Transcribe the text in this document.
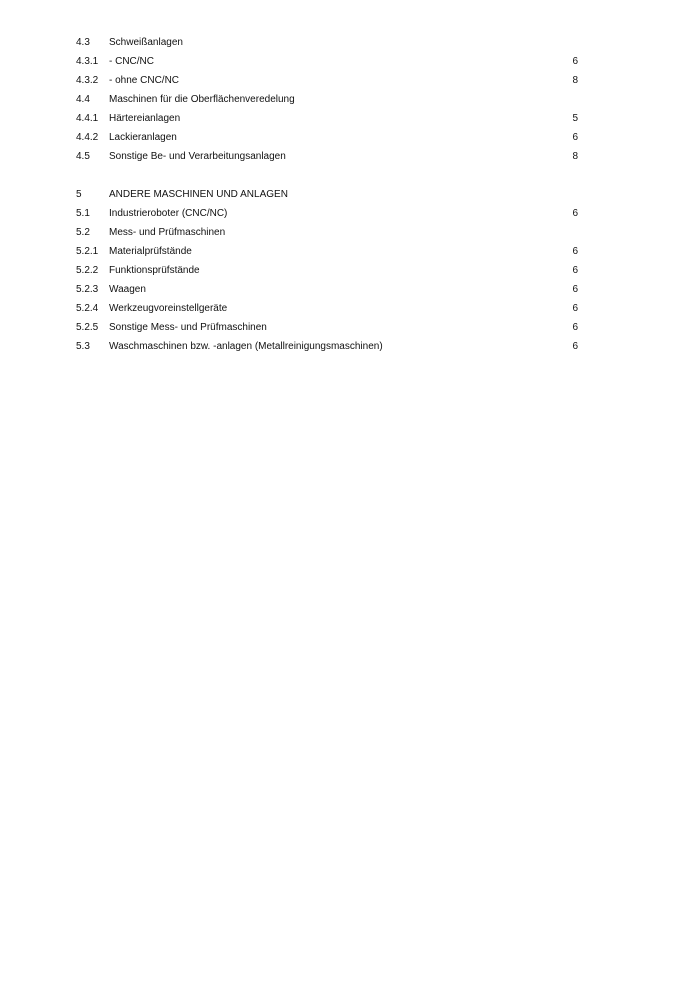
4.3 Schweißanlagen
4.3.1 - CNC/NC	6
4.3.2 - ohne CNC/NC	8
4.4 Maschinen für die Oberflächenveredelung
4.4.1 Härtereianlagen	5
4.4.2 Lackieranlagen	6
4.5 Sonstige Be- und Verarbeitungsanlagen	8
5	ANDERE MASCHINEN UND ANLAGEN
5.1 Industrieroboter (CNC/NC)	6
5.2 Mess- und Prüfmaschinen
5.2.1 Materialprüfstände	6
5.2.2 Funktionsprüfstände	6
5.2.3 Waagen	6
5.2.4 Werkzeugvoreinstellgeräte	6
5.2.5 Sonstige Mess- und Prüfmaschinen	6
5.3 Waschmaschinen bzw. -anlagen (Metallreinigungsmaschinen)	6
